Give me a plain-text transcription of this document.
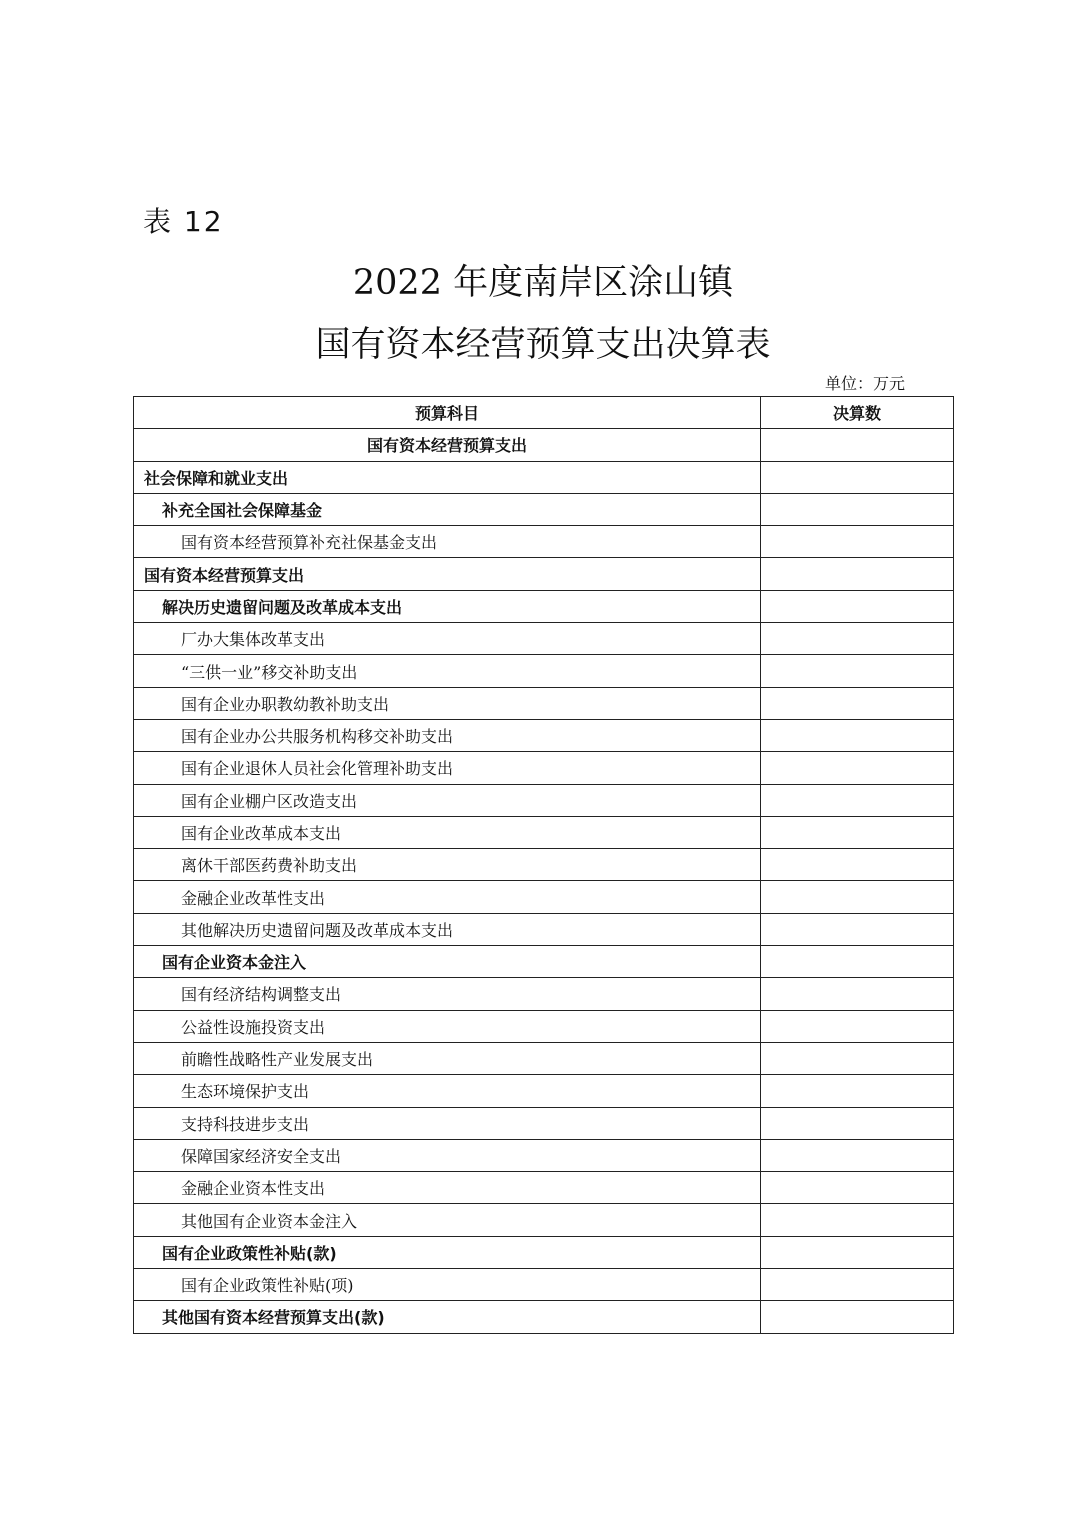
表 12
2022 年度南岸区涂山镇
国有资本经营预算支出决算表
单位：万元
预算科目	决算数
国有资本经营预算支出	
社会保障和就业支出	
补充全国社会保障基金	
国有资本经营预算补充社保基金支出	
国有资本经营预算支出	
解决历史遗留问题及改革成本支出	
厂办大集体改革支出	
“三供一业”移交补助支出	
国有企业办职教幼教补助支出	
国有企业办公共服务机构移交补助支出	
国有企业退休人员社会化管理补助支出	
国有企业棚户区改造支出	
国有企业改革成本支出	
离休干部医药费补助支出	
金融企业改革性支出	
其他解决历史遗留问题及改革成本支出	
国有企业资本金注入	
国有经济结构调整支出	
公益性设施投资支出	
前瞻性战略性产业发展支出	
生态环境保护支出	
支持科技进步支出	
保障国家经济安全支出	
金融企业资本性支出	
其他国有企业资本金注入	
国有企业政策性补贴(款)	
国有企业政策性补贴(项)	
其他国有资本经营预算支出(款)	
